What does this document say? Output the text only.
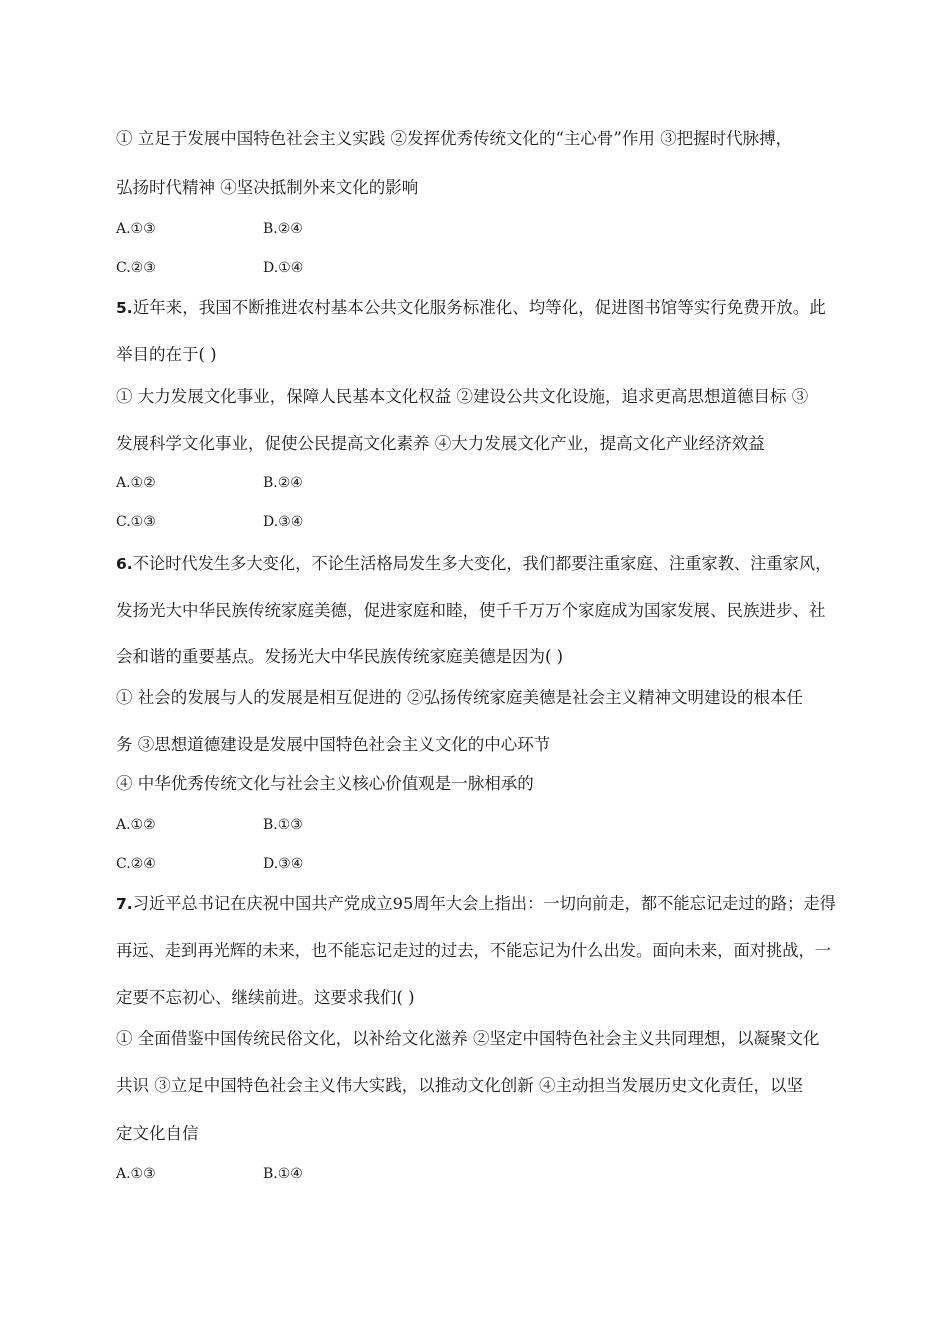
① 立足于发展中国特色社会主义实践 ②发挥优秀传统文化的“主心骨”作用 ③把握时代脉搏，
弘扬时代精神 ④坚决抵制外来文化的影响
A.①③	B.②④
C.②③	D.①④
5.近年来，我国不断推进农村基本公共文化服务标准化、均等化，促进图书馆等实行免费开放。此
举目的在于( )
① 大力发展文化事业，保障人民基本文化权益 ②建设公共文化设施，追求更高思想道德目标 ③
发展科学文化事业，促使公民提高文化素养 ④大力发展文化产业，提高文化产业经济效益
A.①②	B.②④
C.①③	D.③④
6.不论时代发生多大变化，不论生活格局发生多大变化，我们都要注重家庭、注重家教、注重家风，
发扬光大中华民族传统家庭美德，促进家庭和睦，使千千万万个家庭成为国家发展、民族进步、社
会和谐的重要基点。发扬光大中华民族传统家庭美德是因为( )
① 社会的发展与人的发展是相互促进的 ②弘扬传统家庭美德是社会主义精神文明建设的根本任
务 ③思想道德建设是发展中国特色社会主义文化的中心环节
④ 中华优秀传统文化与社会主义核心价值观是一脉相承的
A.①②	B.①③
C.②④	D.③④
7.习近平总书记在庆祝中国共产党成立95周年大会上指出：一切向前走，都不能忘记走过的路；走得
再远、走到再光辉的未来，也不能忘记走过的过去，不能忘记为什么出发。面向未来，面对挑战，一
定要不忘初心、继续前进。这要求我们( )
① 全面借鉴中国传统民俗文化，以补给文化滋养 ②坚定中国特色社会主义共同理想，以凝聚文化
共识 ③立足中国特色社会主义伟大实践，以推动文化创新 ④主动担当发展历史文化责任，以坚
定文化自信
A.①③	B.①④
